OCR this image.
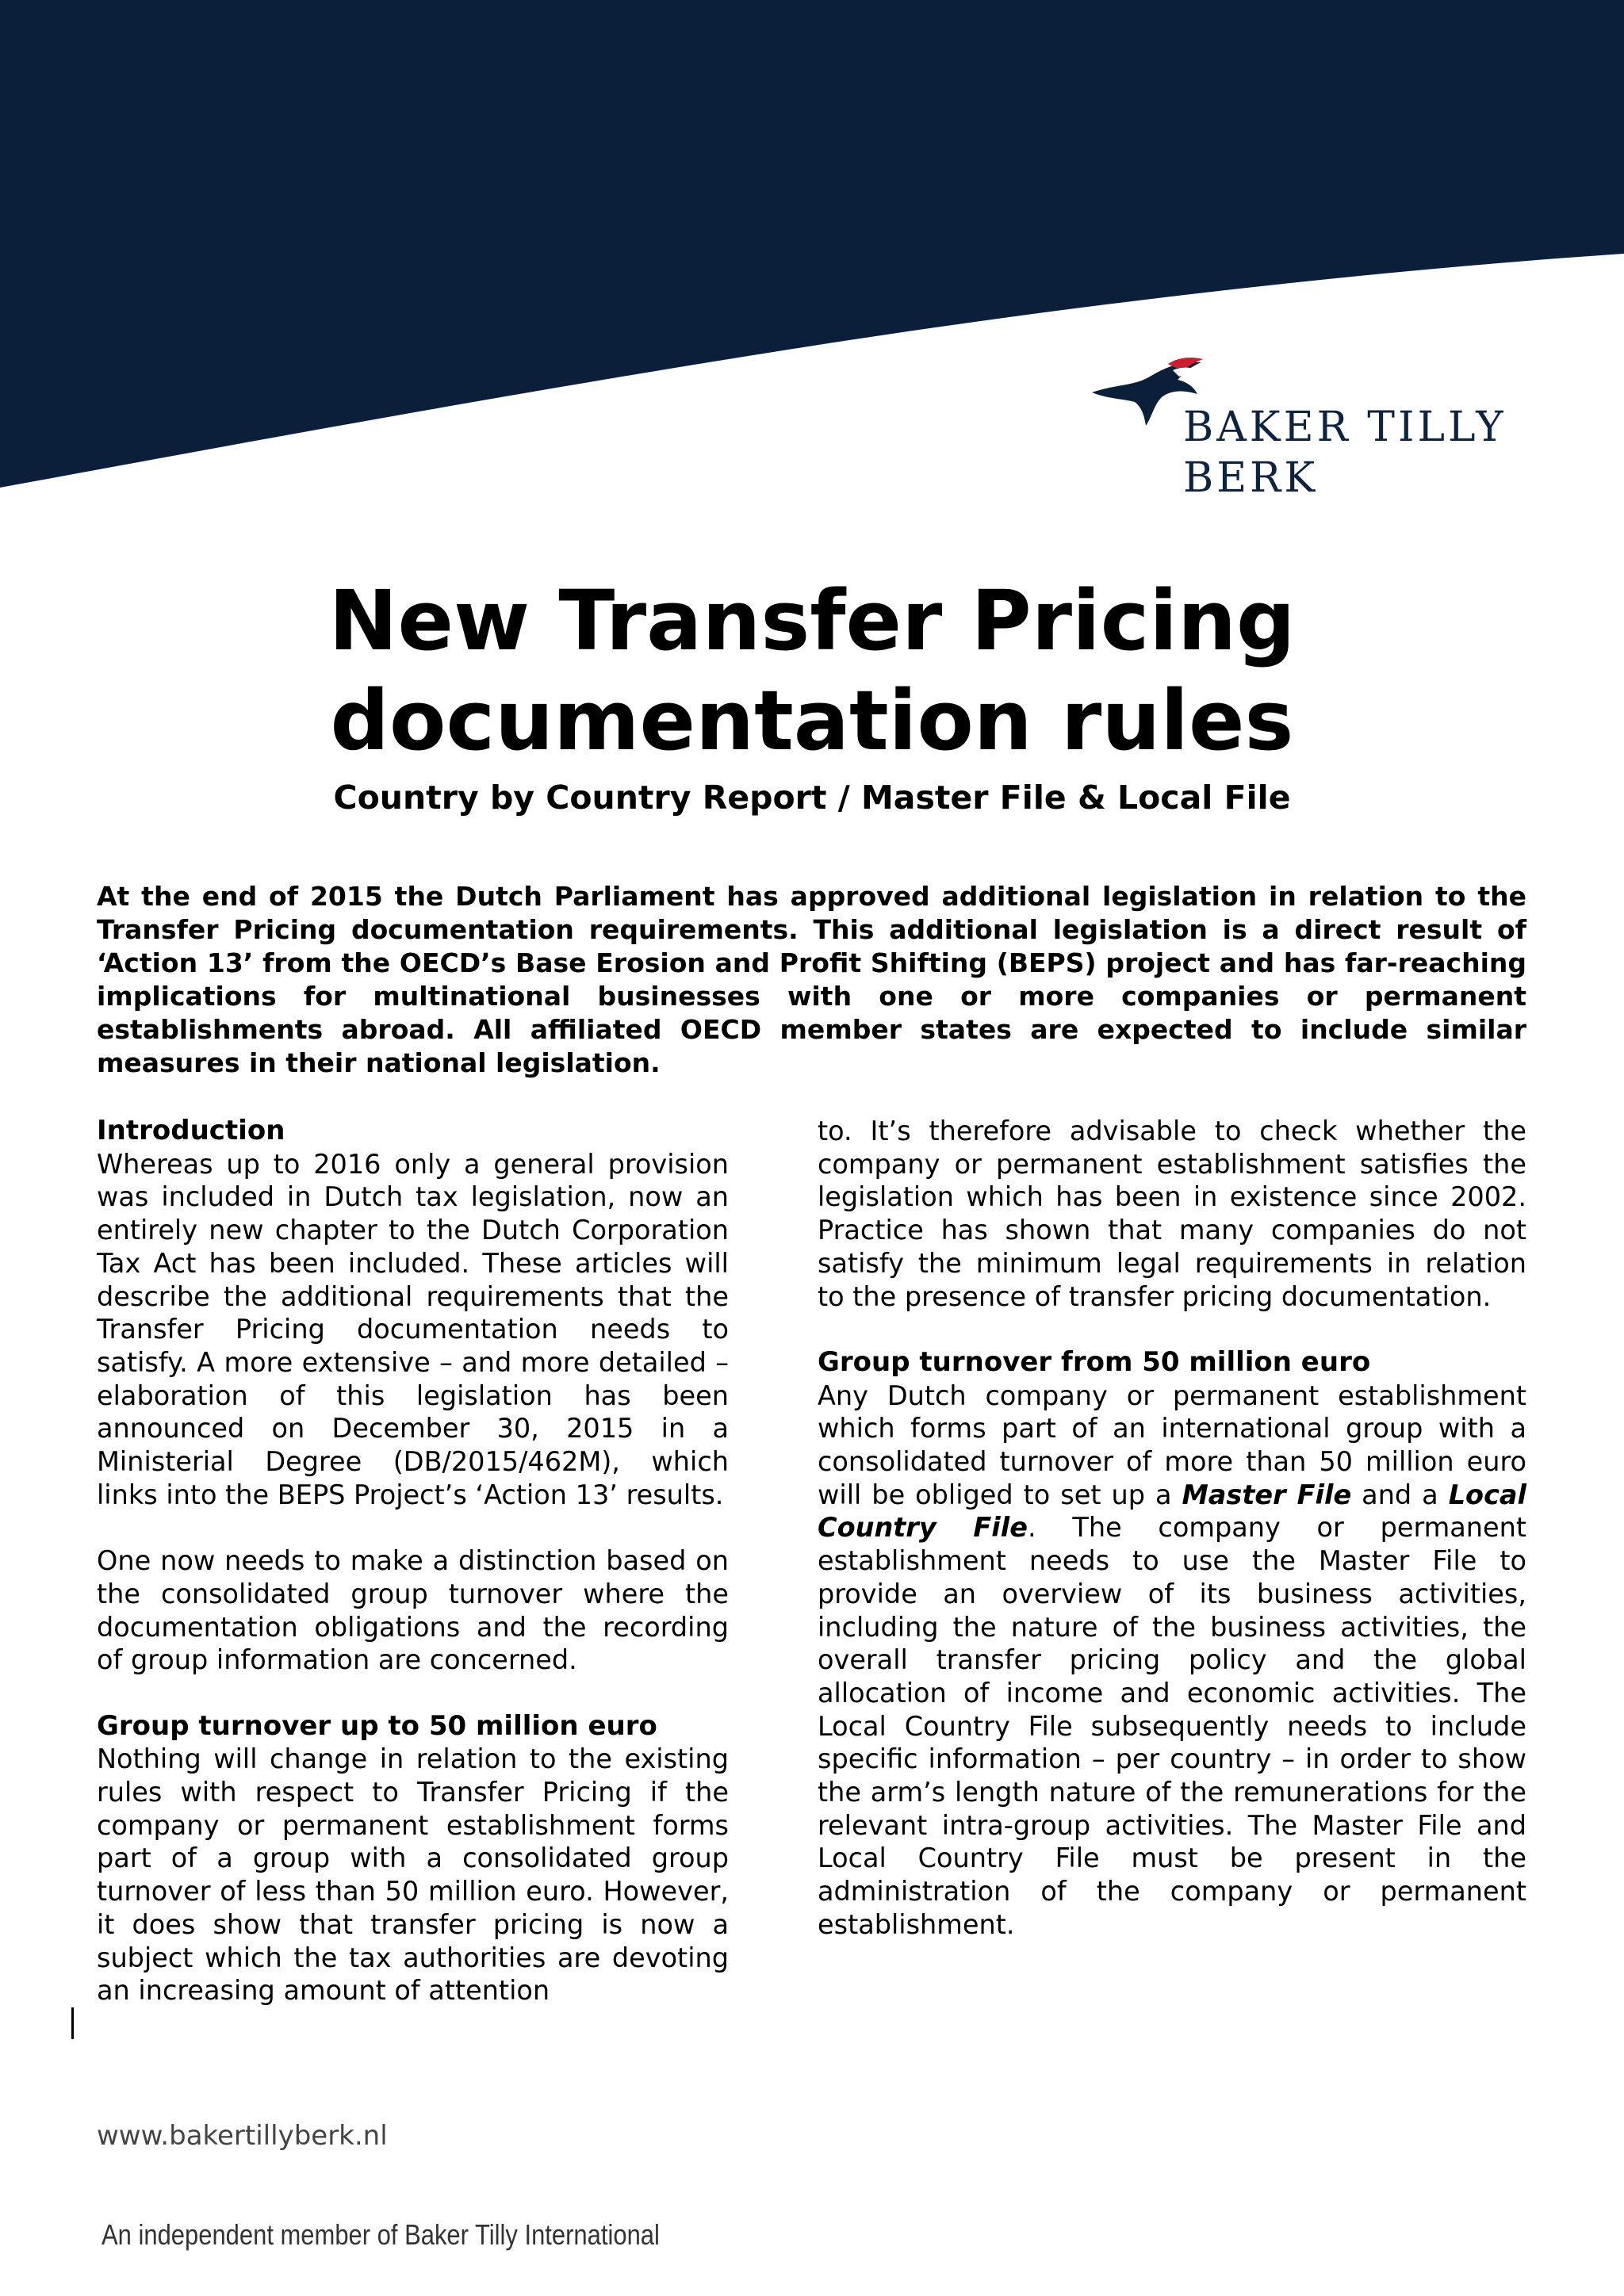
BAKER TILLY
BERK
New Transfer Pricing
documentation rules

Country by Country Report / Master File & Local File

At the end of 2015 the Dutch Parliament has approved additional legislation in relation to the Transfer Pricing documentation requirements. This additional legislation is a direct result of ‘Action 13’ from the OECD’s Base Erosion and Profit Shifting (BEPS) project and has far-reaching implications for multinational businesses with one or more companies or permanent establishments abroad. All affiliated OECD member states are expected to include similar measures in their national legislation.

Introduction

Whereas up to 2016 only a general provision was included in Dutch tax legislation, now an entirely new chapter to the Dutch Corporation Tax Act has been included. These articles will describe the additional requirements that the Transfer Pricing documentation needs to satisfy. A more extensive – and more detailed – elaboration of this legislation has been announced on December 30, 2015 in a Ministerial Degree (DB/2015/462M), which links into the BEPS Project’s ‘Action 13’ results.

One now needs to make a distinction based on the consolidated group turnover where the documentation obligations and the recording of group information are concerned.

Group turnover up to 50 million euro

Nothing will change in relation to the existing rules with respect to Transfer Pricing if the company or permanent establishment forms part of a group with a consolidated group turnover of less than 50 million euro. However, it does show that transfer pricing is now a subject which the tax authorities are devoting an increasing amount of attention

to. It’s therefore advisable to check whether the company or permanent establishment satisfies the legislation which has been in existence since 2002. Practice has shown that many companies do not satisfy the minimum legal requirements in relation to the presence of transfer pricing documentation.

Group turnover from 50 million euro

Any Dutch company or permanent establishment which forms part of an international group with a consolidated turnover of more than 50 million euro will be obliged to set up a Master File and a Local Country File. The company or permanent establishment needs to use the Master File to provide an overview of its business activities, including the nature of the business activities, the overall transfer pricing policy and the global allocation of income and economic activities. The Local Country File subsequently needs to include specific information – per country – in order to show the arm’s length nature of the remunerations for the relevant intra-group activities. The Master File and Local Country File must be present in the administration of the company or permanent establishment.

www.bakertillyberk.nl
An independent member of Baker Tilly International
